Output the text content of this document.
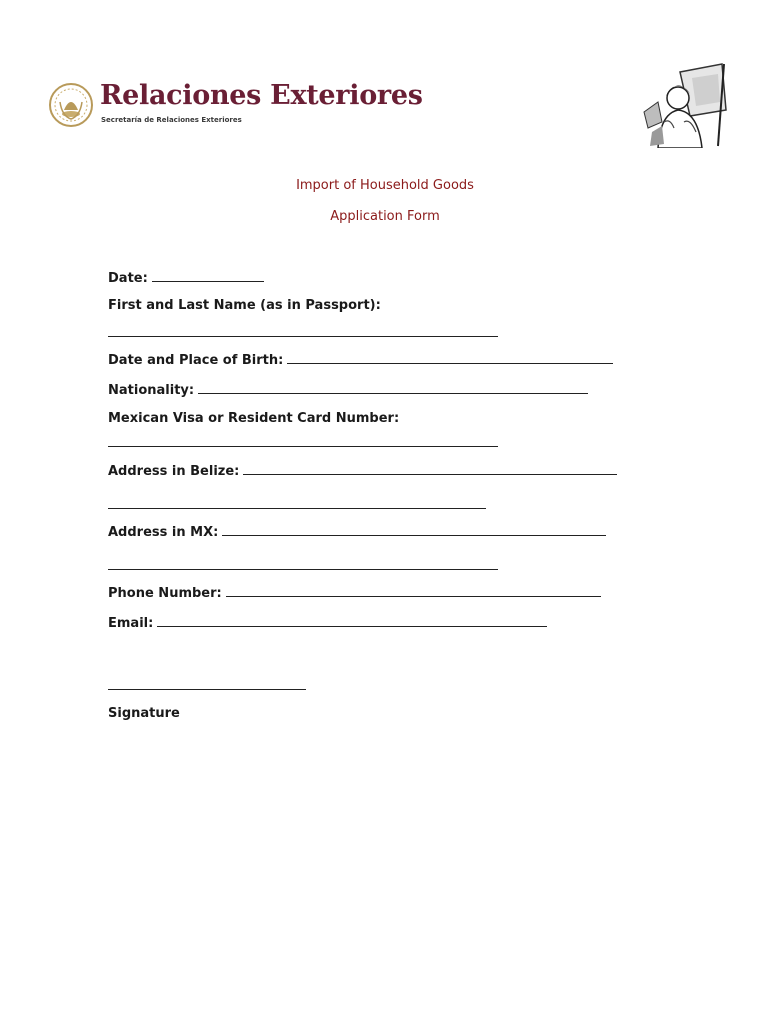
Relaciones Exteriores
Secretaría de Relaciones Exteriores
Import of Household Goods
Application Form
Date:
First and Last Name (as in Passport):
Date and Place of Birth:
Nationality:
Mexican Visa or Resident Card Number:
Address in Belize:
Address in MX:
Phone Number:
Email:
Signature
